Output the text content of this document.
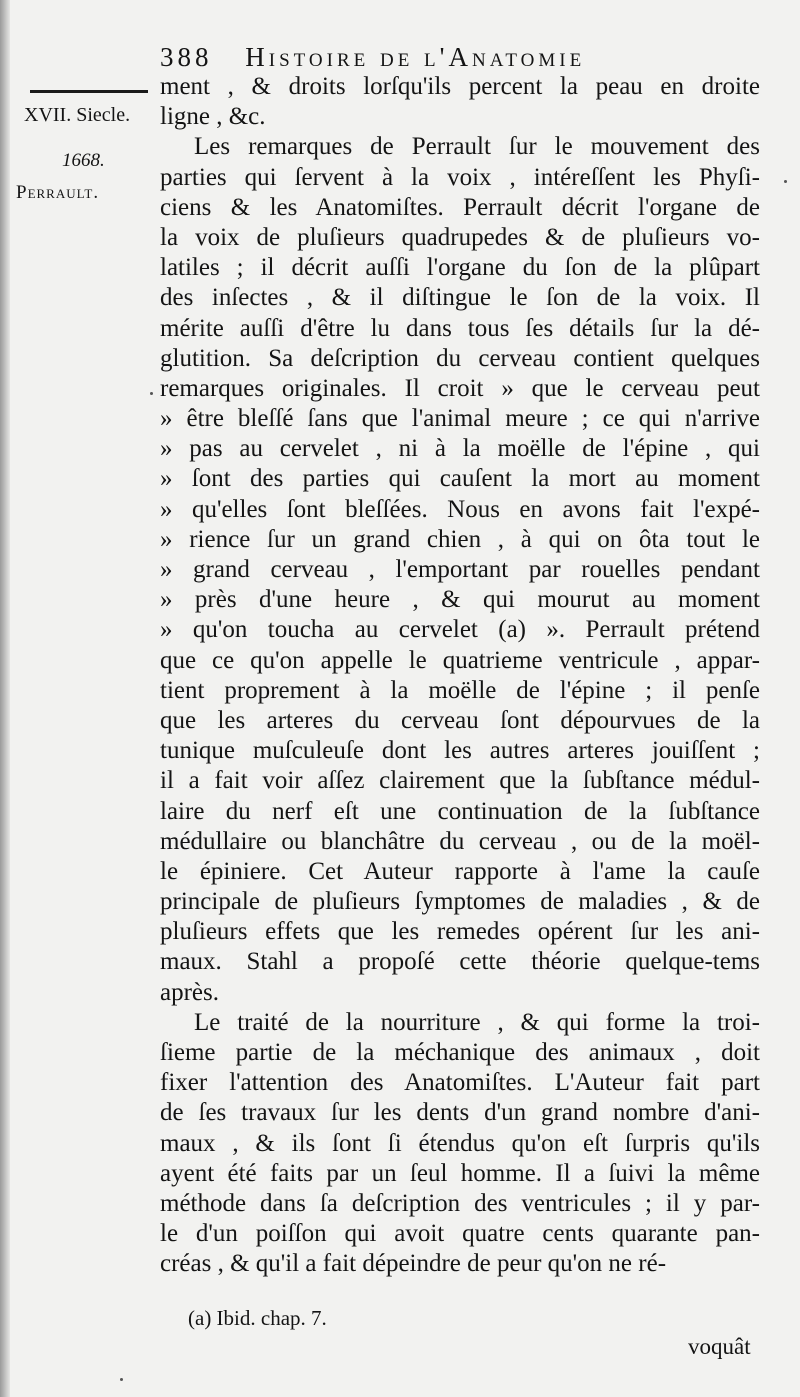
388 Histoire de l'Anatomie
XVII. Siecle.
1668.
Perrault.
ment , & droits lorſqu'ils percent la peau en droite
ligne , &c.
Les remarques de Perrault ſur le mouvement des
parties qui ſervent à la voix , intéreſſent les Phyſi-
ciens & les Anatomiſtes. Perrault décrit l'organe de
la voix de pluſieurs quadrupedes & de pluſieurs vo-
latiles ; il décrit auſſi l'organe du ſon de la plûpart
des inſectes , & il diſtingue le ſon de la voix. Il
mérite auſſi d'être lu dans tous ſes détails ſur la dé-
glutition. Sa deſcription du cerveau contient quelques
remarques originales. Il croit » que le cerveau peut
» être bleſſé ſans que l'animal meure ; ce qui n'arrive
» pas au cervelet , ni à la moëlle de l'épine , qui
» ſont des parties qui cauſent la mort au moment
» qu'elles ſont bleſſées. Nous en avons fait l'expé-
» rience ſur un grand chien , à qui on ôta tout le
» grand cerveau , l'emportant par rouelles pendant
» près d'une heure , & qui mourut au moment
» qu'on toucha au cervelet (a) ». Perrault prétend
que ce qu'on appelle le quatrieme ventricule , appar-
tient proprement à la moëlle de l'épine ; il penſe
que les arteres du cerveau ſont dépourvues de la
tunique muſculeuſe dont les autres arteres jouiſſent ;
il a fait voir aſſez clairement que la ſubſtance médul-
laire du nerf eſt une continuation de la ſubſtance
médullaire ou blanchâtre du cerveau , ou de la moël-
le épiniere. Cet Auteur rapporte à l'ame la cauſe
principale de pluſieurs ſymptomes de maladies , & de
pluſieurs effets que les remedes opérent ſur les ani-
maux. Stahl a propoſé cette théorie quelque-tems
après.
Le traité de la nourriture , & qui forme la troi-
ſieme partie de la méchanique des animaux , doit
fixer l'attention des Anatomiſtes. L'Auteur fait part
de ſes travaux ſur les dents d'un grand nombre d'ani-
maux , & ils ſont ſi étendus qu'on eſt ſurpris qu'ils
ayent été faits par un ſeul homme. Il a ſuivi la même
méthode dans ſa deſcription des ventricules ; il y par-
le d'un poiſſon qui avoit quatre cents quarante pan-
créas , & qu'il a fait dépeindre de peur qu'on ne ré-
(a) Ibid. chap. 7.
voquât
